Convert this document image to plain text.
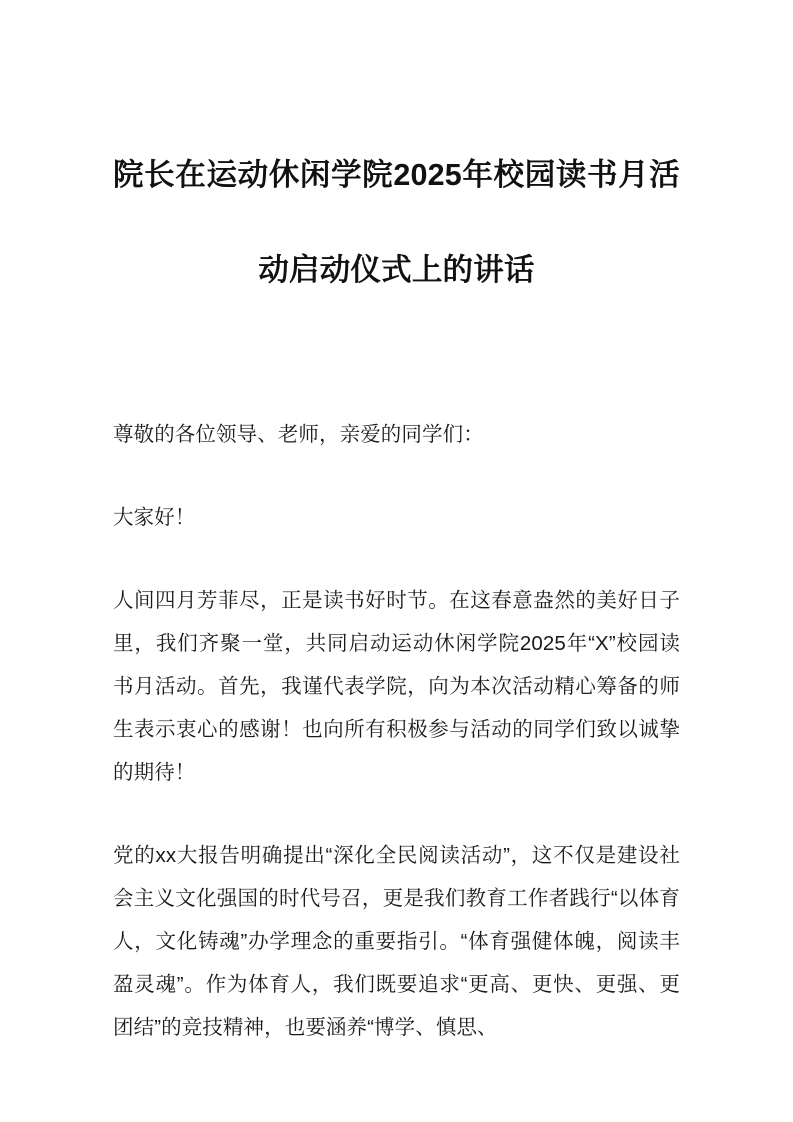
院长在运动休闲学院2025年校园读书月活
动启动仪式上的讲话

尊敬的各位领导、老师，亲爱的同学们：

大家好！

人间四月芳菲尽，正是读书好时节。在这春意盎然的美好日子里，我们齐聚一堂，共同启动运动休闲学院2025年“X”校园读书月活动。首先，我谨代表学院，向为本次活动精心筹备的师生表示衷心的感谢！也向所有积极参与活动的同学们致以诚挚的期待！

党的xx大报告明确提出“深化全民阅读活动”，这不仅是建设社会主义文化强国的时代号召，更是我们教育工作者践行“以体育人，文化铸魂”办学理念的重要指引。“体育强健体魄，阅读丰盈灵魂”。作为体育人，我们既要追求“更高、更快、更强、更团结”的竞技精神，也要涵养“博学、慎思、
